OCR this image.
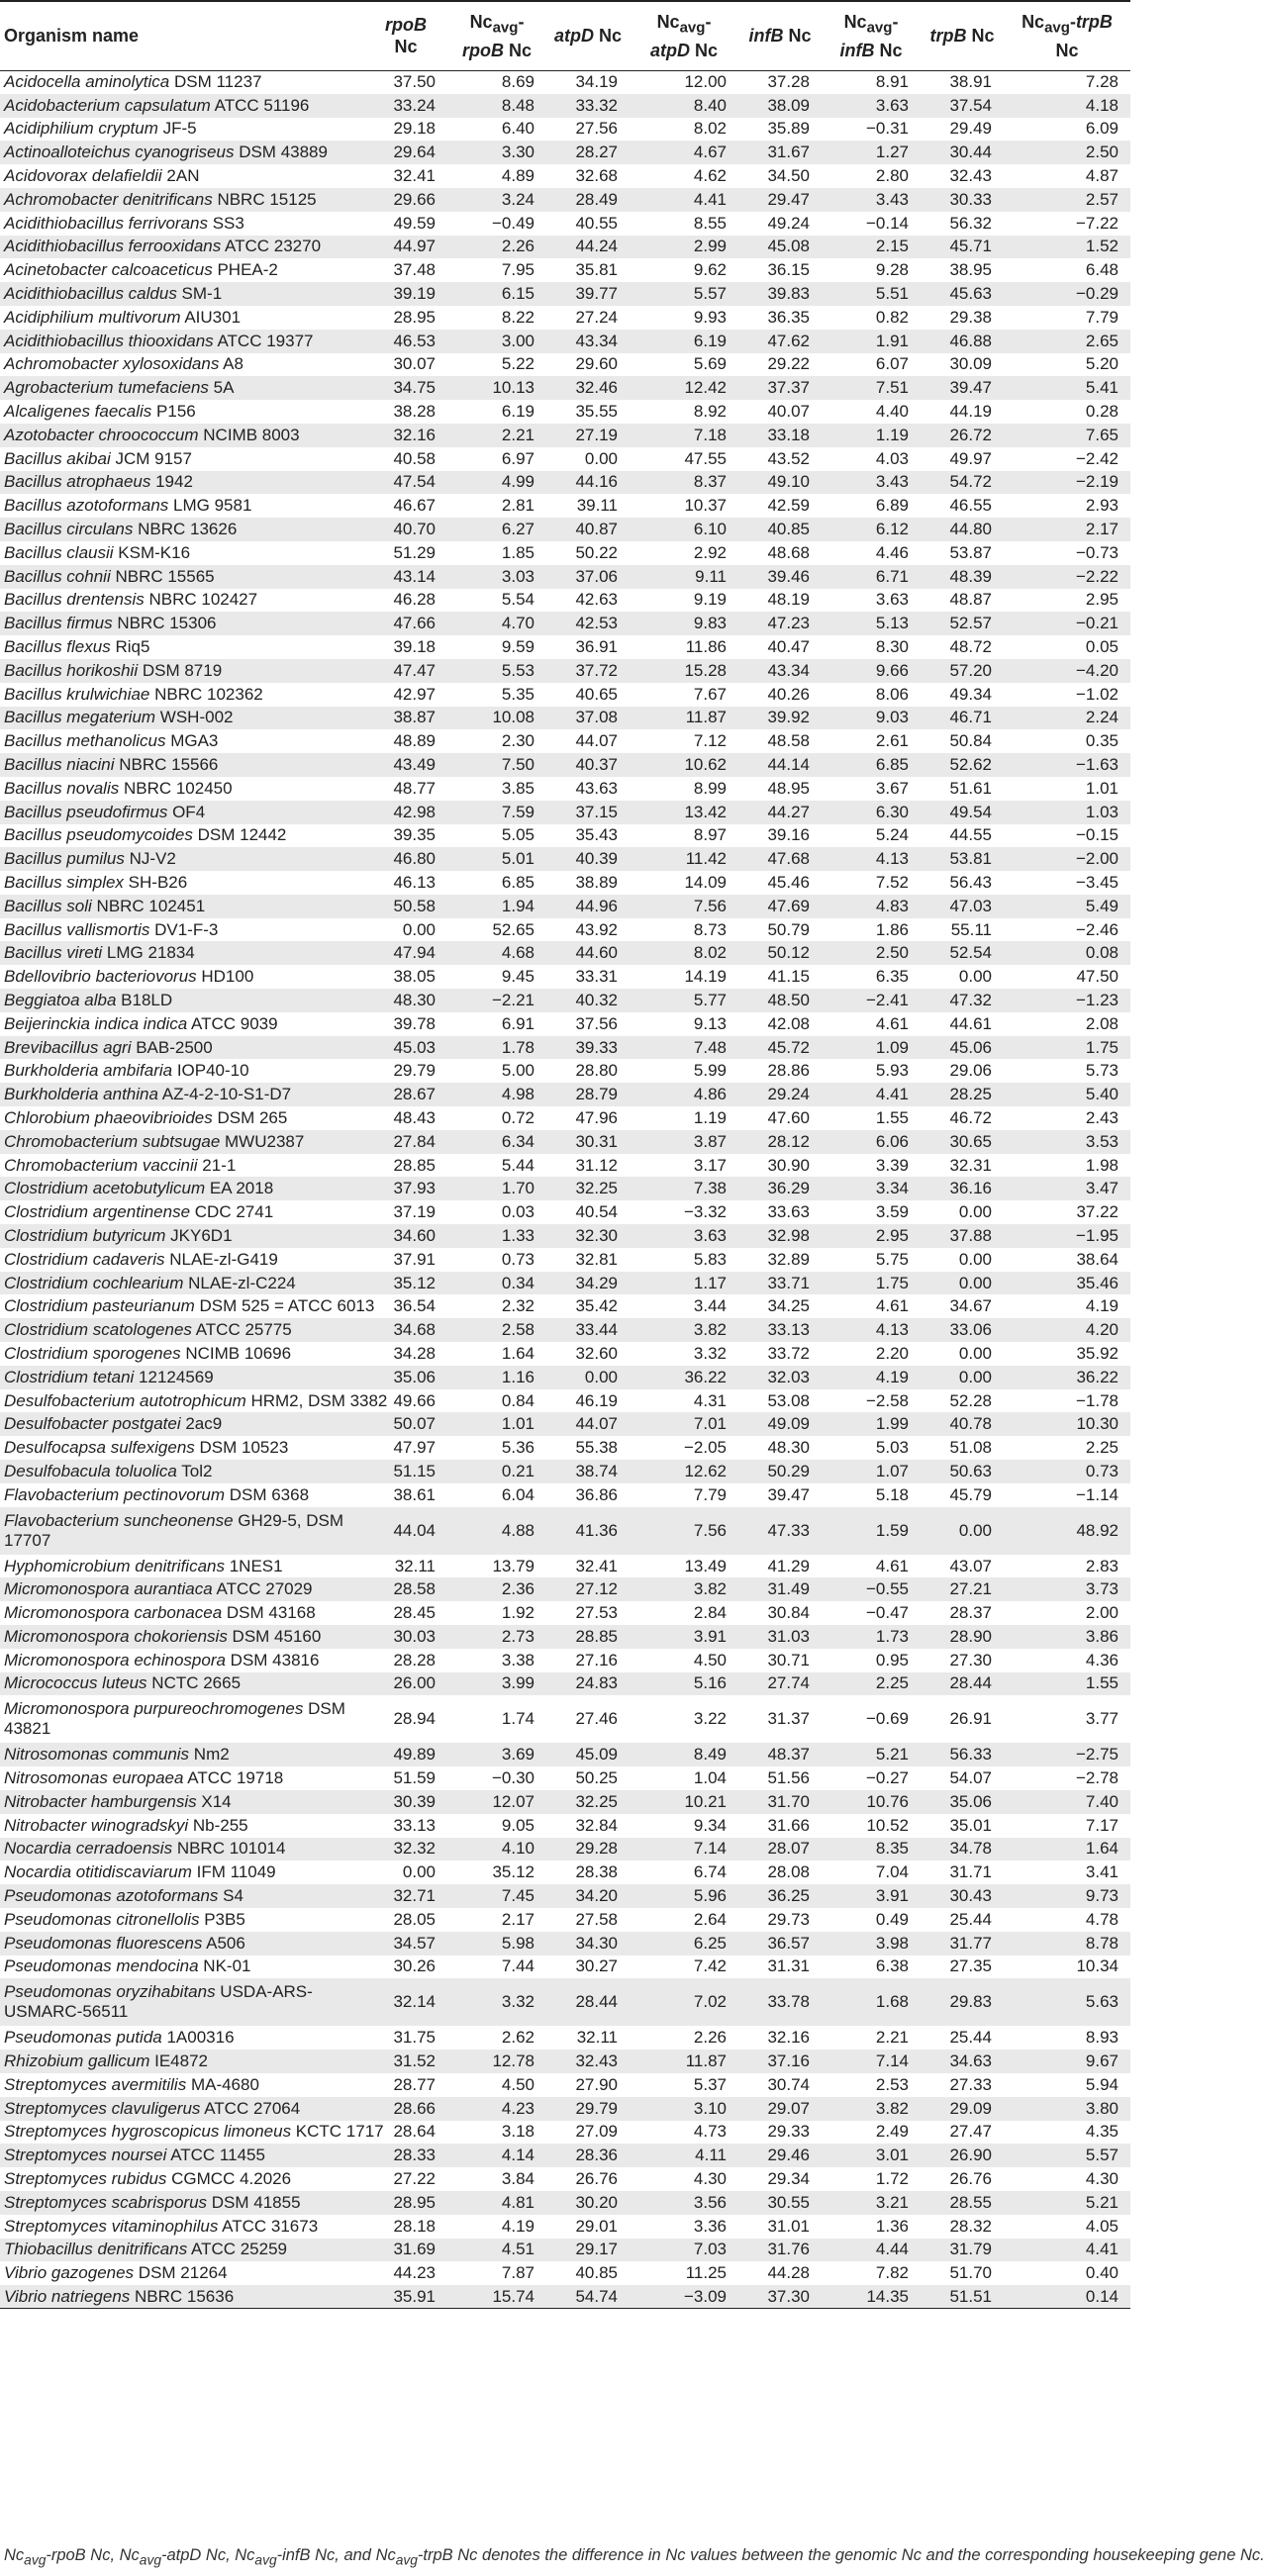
Organism name	rpoB Nc	$Nc_{avg}$-rpoB Nc	atpD Nc	$Nc_{avg}$-atpD Nc	infB Nc	$Nc_{avg}$-infB Nc	trpB Nc	$Nc_{avg}$-trpB Nc
Acidocella aminolytica DSM 11237	37.50	8.69	34.19	12.00	37.28	8.91	38.91	7.28
Acidobacterium capsulatum ATCC 51196	33.24	8.48	33.32	8.40	38.09	3.63	37.54	4.18
Acidiphilium cryptum JF-5	29.18	6.40	27.56	8.02	35.89	−0.31	29.49	6.09
Actinoalloteichus cyanogriseus DSM 43889	29.64	3.30	28.27	4.67	31.67	1.27	30.44	2.50
Acidovorax delafieldii 2AN	32.41	4.89	32.68	4.62	34.50	2.80	32.43	4.87
Achromobacter denitrificans NBRC 15125	29.66	3.24	28.49	4.41	29.47	3.43	30.33	2.57
Acidithiobacillus ferrivorans SS3	49.59	−0.49	40.55	8.55	49.24	−0.14	56.32	−7.22
Acidithiobacillus ferrooxidans ATCC 23270	44.97	2.26	44.24	2.99	45.08	2.15	45.71	1.52
Acinetobacter calcoaceticus PHEA-2	37.48	7.95	35.81	9.62	36.15	9.28	38.95	6.48
Acidithiobacillus caldus SM-1	39.19	6.15	39.77	5.57	39.83	5.51	45.63	−0.29
Acidiphilium multivorum AIU301	28.95	8.22	27.24	9.93	36.35	0.82	29.38	7.79
Acidithiobacillus thiooxidans ATCC 19377	46.53	3.00	43.34	6.19	47.62	1.91	46.88	2.65
Achromobacter xylosoxidans A8	30.07	5.22	29.60	5.69	29.22	6.07	30.09	5.20
Agrobacterium tumefaciens 5A	34.75	10.13	32.46	12.42	37.37	7.51	39.47	5.41
Alcaligenes faecalis P156	38.28	6.19	35.55	8.92	40.07	4.40	44.19	0.28
Azotobacter chroococcum NCIMB 8003	32.16	2.21	27.19	7.18	33.18	1.19	26.72	7.65
Bacillus akibai JCM 9157	40.58	6.97	0.00	47.55	43.52	4.03	49.97	−2.42
Bacillus atrophaeus 1942	47.54	4.99	44.16	8.37	49.10	3.43	54.72	−2.19
Bacillus azotoformans LMG 9581	46.67	2.81	39.11	10.37	42.59	6.89	46.55	2.93
Bacillus circulans NBRC 13626	40.70	6.27	40.87	6.10	40.85	6.12	44.80	2.17
Bacillus clausii KSM-K16	51.29	1.85	50.22	2.92	48.68	4.46	53.87	−0.73
Bacillus cohnii NBRC 15565	43.14	3.03	37.06	9.11	39.46	6.71	48.39	−2.22
Bacillus drentensis NBRC 102427	46.28	5.54	42.63	9.19	48.19	3.63	48.87	2.95
Bacillus firmus NBRC 15306	47.66	4.70	42.53	9.83	47.23	5.13	52.57	−0.21
Bacillus flexus Riq5	39.18	9.59	36.91	11.86	40.47	8.30	48.72	0.05
Bacillus horikoshii DSM 8719	47.47	5.53	37.72	15.28	43.34	9.66	57.20	−4.20
Bacillus krulwichiae NBRC 102362	42.97	5.35	40.65	7.67	40.26	8.06	49.34	−1.02
Bacillus megaterium WSH-002	38.87	10.08	37.08	11.87	39.92	9.03	46.71	2.24
Bacillus methanolicus MGA3	48.89	2.30	44.07	7.12	48.58	2.61	50.84	0.35
Bacillus niacini NBRC 15566	43.49	7.50	40.37	10.62	44.14	6.85	52.62	−1.63
Bacillus novalis NBRC 102450	48.77	3.85	43.63	8.99	48.95	3.67	51.61	1.01
Bacillus pseudofirmus OF4	42.98	7.59	37.15	13.42	44.27	6.30	49.54	1.03
Bacillus pseudomycoides DSM 12442	39.35	5.05	35.43	8.97	39.16	5.24	44.55	−0.15
Bacillus pumilus NJ-V2	46.80	5.01	40.39	11.42	47.68	4.13	53.81	−2.00
Bacillus simplex SH-B26	46.13	6.85	38.89	14.09	45.46	7.52	56.43	−3.45
Bacillus soli NBRC 102451	50.58	1.94	44.96	7.56	47.69	4.83	47.03	5.49
Bacillus vallismortis DV1-F-3	0.00	52.65	43.92	8.73	50.79	1.86	55.11	−2.46
Bacillus vireti LMG 21834	47.94	4.68	44.60	8.02	50.12	2.50	52.54	0.08
Bdellovibrio bacteriovorus HD100	38.05	9.45	33.31	14.19	41.15	6.35	0.00	47.50
Beggiatoa alba B18LD	48.30	−2.21	40.32	5.77	48.50	−2.41	47.32	−1.23
Beijerinckia indica indica ATCC 9039	39.78	6.91	37.56	9.13	42.08	4.61	44.61	2.08
Brevibacillus agri BAB-2500	45.03	1.78	39.33	7.48	45.72	1.09	45.06	1.75
Burkholderia ambifaria IOP40-10	29.79	5.00	28.80	5.99	28.86	5.93	29.06	5.73
Burkholderia anthina AZ-4-2-10-S1-D7	28.67	4.98	28.79	4.86	29.24	4.41	28.25	5.40
Chlorobium phaeovibrioides DSM 265	48.43	0.72	47.96	1.19	47.60	1.55	46.72	2.43
Chromobacterium subtsugae MWU2387	27.84	6.34	30.31	3.87	28.12	6.06	30.65	3.53
Chromobacterium vaccinii 21-1	28.85	5.44	31.12	3.17	30.90	3.39	32.31	1.98
Clostridium acetobutylicum EA 2018	37.93	1.70	32.25	7.38	36.29	3.34	36.16	3.47
Clostridium argentinense CDC 2741	37.19	0.03	40.54	−3.32	33.63	3.59	0.00	37.22
Clostridium butyricum JKY6D1	34.60	1.33	32.30	3.63	32.98	2.95	37.88	−1.95
Clostridium cadaveris NLAE-zl-G419	37.91	0.73	32.81	5.83	32.89	5.75	0.00	38.64
Clostridium cochlearium NLAE-zl-C224	35.12	0.34	34.29	1.17	33.71	1.75	0.00	35.46
Clostridium pasteurianum DSM 525 = ATCC 6013	36.54	2.32	35.42	3.44	34.25	4.61	34.67	4.19
Clostridium scatologenes ATCC 25775	34.68	2.58	33.44	3.82	33.13	4.13	33.06	4.20
Clostridium sporogenes NCIMB 10696	34.28	1.64	32.60	3.32	33.72	2.20	0.00	35.92
Clostridium tetani 12124569	35.06	1.16	0.00	36.22	32.03	4.19	0.00	36.22
Desulfobacterium autotrophicum HRM2, DSM 3382	49.66	0.84	46.19	4.31	53.08	−2.58	52.28	−1.78
Desulfobacter postgatei 2ac9	50.07	1.01	44.07	7.01	49.09	1.99	40.78	10.30
Desulfocapsa sulfexigens DSM 10523	47.97	5.36	55.38	−2.05	48.30	5.03	51.08	2.25
Desulfobacula toluolica Tol2	51.15	0.21	38.74	12.62	50.29	1.07	50.63	0.73
Flavobacterium pectinovorum DSM 6368	38.61	6.04	36.86	7.79	39.47	5.18	45.79	−1.14
Flavobacterium suncheonense GH29-5, DSM 17707	44.04	4.88	41.36	7.56	47.33	1.59	0.00	48.92
Hyphomicrobium denitrificans 1NES1	32.11	13.79	32.41	13.49	41.29	4.61	43.07	2.83
Micromonospora aurantiaca ATCC 27029	28.58	2.36	27.12	3.82	31.49	−0.55	27.21	3.73
Micromonospora carbonacea DSM 43168	28.45	1.92	27.53	2.84	30.84	−0.47	28.37	2.00
Micromonospora chokoriensis DSM 45160	30.03	2.73	28.85	3.91	31.03	1.73	28.90	3.86
Micromonospora echinospora DSM 43816	28.28	3.38	27.16	4.50	30.71	0.95	27.30	4.36
Micrococcus luteus NCTC 2665	26.00	3.99	24.83	5.16	27.74	2.25	28.44	1.55
Micromonospora purpureochromogenes DSM 43821	28.94	1.74	27.46	3.22	31.37	−0.69	26.91	3.77
Nitrosomonas communis Nm2	49.89	3.69	45.09	8.49	48.37	5.21	56.33	−2.75
Nitrosomonas europaea ATCC 19718	51.59	−0.30	50.25	1.04	51.56	−0.27	54.07	−2.78
Nitrobacter hamburgensis X14	30.39	12.07	32.25	10.21	31.70	10.76	35.06	7.40
Nitrobacter winogradskyi Nb-255	33.13	9.05	32.84	9.34	31.66	10.52	35.01	7.17
Nocardia cerradoensis NBRC 101014	32.32	4.10	29.28	7.14	28.07	8.35	34.78	1.64
Nocardia otitidiscaviarum IFM 11049	0.00	35.12	28.38	6.74	28.08	7.04	31.71	3.41
Pseudomonas azotoformans S4	32.71	7.45	34.20	5.96	36.25	3.91	30.43	9.73
Pseudomonas citronellolis P3B5	28.05	2.17	27.58	2.64	29.73	0.49	25.44	4.78
Pseudomonas fluorescens A506	34.57	5.98	34.30	6.25	36.57	3.98	31.77	8.78
Pseudomonas mendocina NK-01	30.26	7.44	30.27	7.42	31.31	6.38	27.35	10.34
Pseudomonas oryzihabitans USDA-ARS-USMARC-56511	32.14	3.32	28.44	7.02	33.78	1.68	29.83	5.63
Pseudomonas putida 1A00316	31.75	2.62	32.11	2.26	32.16	2.21	25.44	8.93
Rhizobium gallicum IE4872	31.52	12.78	32.43	11.87	37.16	7.14	34.63	9.67
Streptomyces avermitilis MA-4680	28.77	4.50	27.90	5.37	30.74	2.53	27.33	5.94
Streptomyces clavuligerus ATCC 27064	28.66	4.23	29.79	3.10	29.07	3.82	29.09	3.80
Streptomyces hygroscopicus limoneus KCTC 1717	28.64	3.18	27.09	4.73	29.33	2.49	27.47	4.35
Streptomyces noursei ATCC 11455	28.33	4.14	28.36	4.11	29.46	3.01	26.90	5.57
Streptomyces rubidus CGMCC 4.2026	27.22	3.84	26.76	4.30	29.34	1.72	26.76	4.30
Streptomyces scabrisporus DSM 41855	28.95	4.81	30.20	3.56	30.55	3.21	28.55	5.21
Streptomyces vitaminophilus ATCC 31673	28.18	4.19	29.01	3.36	31.01	1.36	28.32	4.05
Thiobacillus denitrificans ATCC 25259	31.69	4.51	29.17	7.03	31.76	4.44	31.79	4.41
Vibrio gazogenes DSM 21264	44.23	7.87	40.85	11.25	44.28	7.82	51.70	0.40
Vibrio natriegens NBRC 15636	35.91	15.74	54.74	−3.09	37.30	14.35	51.51	0.14
$Nc_{avg}$-rpoB Nc, $Nc_{avg}$-atpD Nc, $Nc_{avg}$-infB Nc, and $Nc_{avg}$-trpB Nc denotes the difference in Nc values between the genomic Nc and the corresponding housekeeping gene Nc.
